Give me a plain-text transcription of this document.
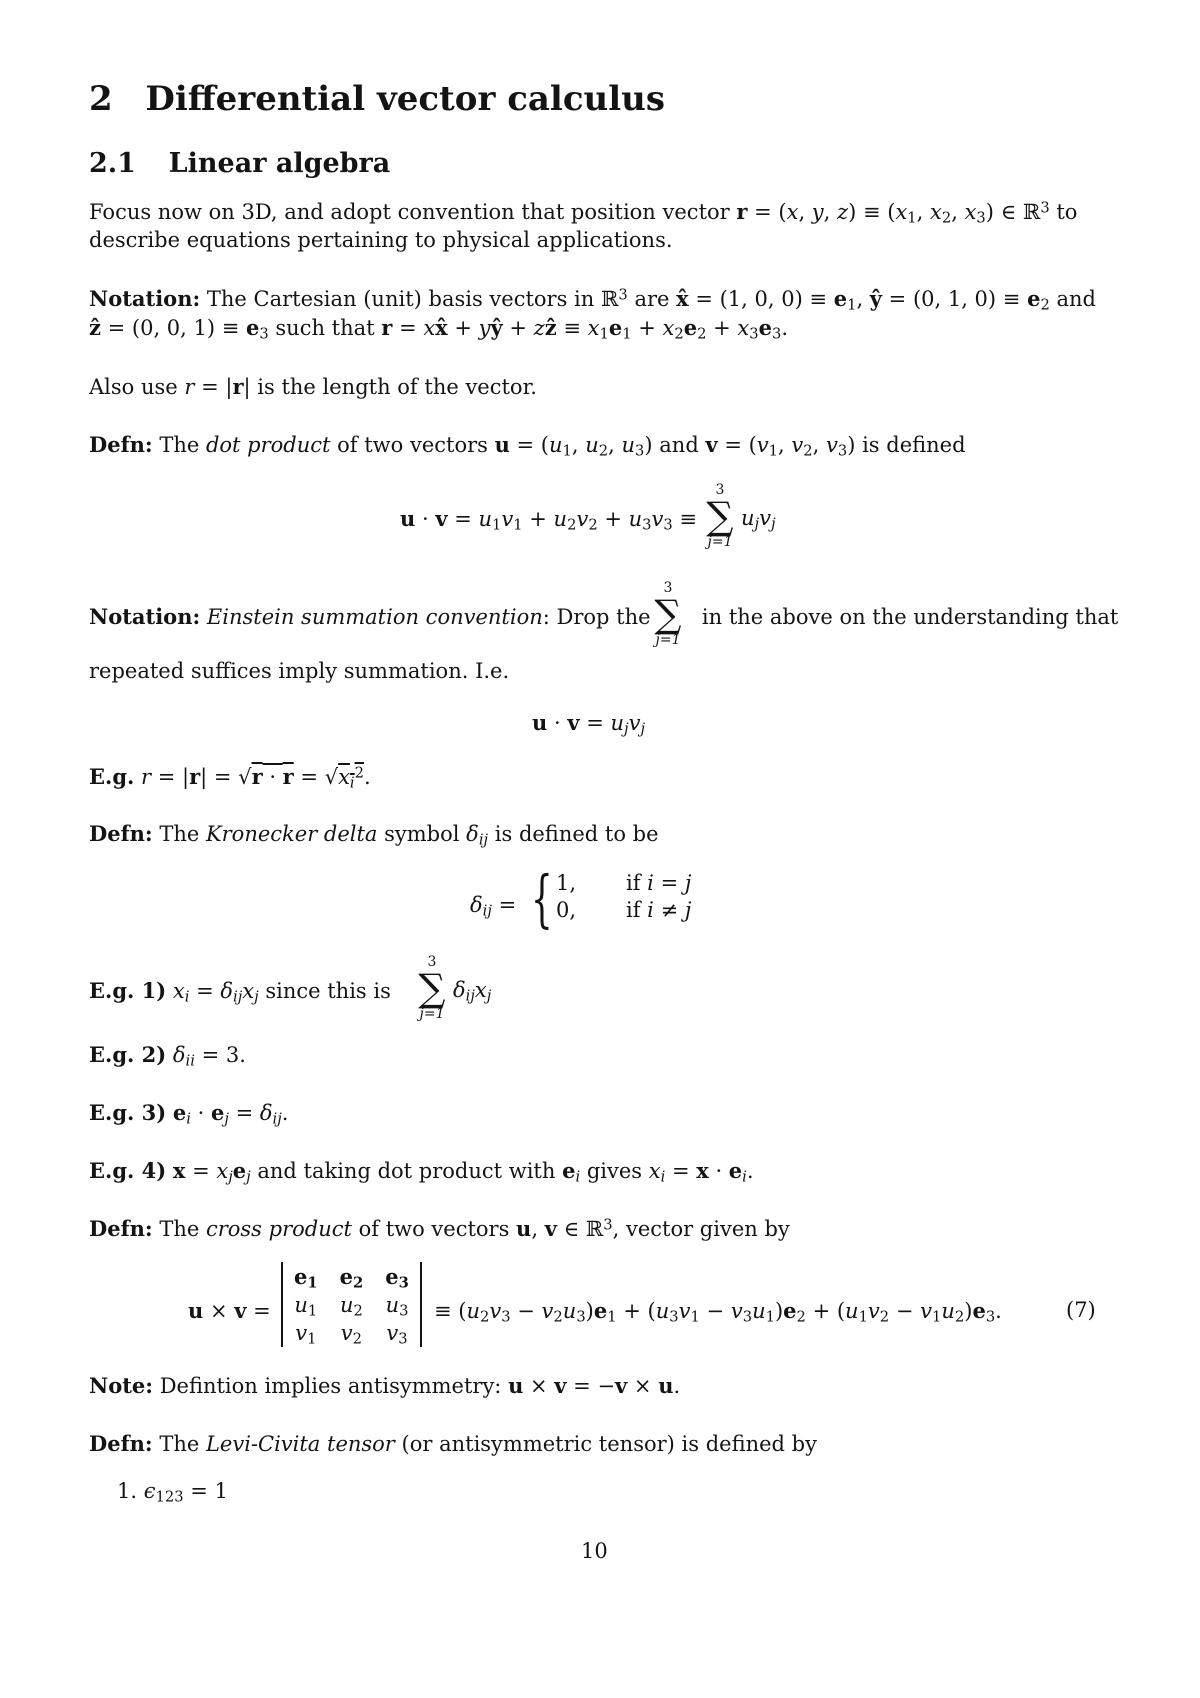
2 Differential vector calculus
2.1 Linear algebra
Focus now on 3D, and adopt convention that position vector r = (x, y, $z) \equiv (x_1$, $x_2$, $x_3$) ∈ ℝ$^3$ to
describe equations pertaining to physical applications.
Notation: The Cartesian (unit) basis vectors in ℝ$^3$ are x̂ = (1, 0, $0) \equiv e_1$, ŷ = (0, 1, $0) \equiv e_2$ and
ẑ = (0, 0, $1) \equiv e_3$ such that r = xx̂ + yŷ + zẑ ≡ $x_1e_1 + x_2e_2 + x_3e_3$.
Also use r = |r| is the length of the vector.
Defn: The dot product of two vectors $u = (u_1$, $u_2$, $u_3$) and $v = (v_1$, $v_2$, $v_3$) is defined
$u \cdot v = u_1v_1 + u_2v_2 + u_3v_3$ ≡
3
∑
j=1
$u_jv_j$
Notation: Einstein summation convention: Drop the  in the above on the understanding that
3
∑
j=1
repeated suffices imply summation. I.e.
$u \cdot v = u_jv_j$
E.g. $r = |r| = √r \cdot r = √x_i^2$.
Defn: The Kronecker delta symbol $\delta_{ij}$ is defined to be
$\delta_{ij}$ = { 1,	if i = j
0,	if i ≠ j
E.g. 1) $x_i = \delta_{ij}x_j$ since this is
3
∑
j=1
$\delta_{ij}x_j$
E.g. 2) $\delta_{ii} = 3$.
E.g. 3) $e_i \cdot e_j = \delta_{ij}$.
E.g. 4) $x = x_je_j$ and taking dot product with $e_i$ gives $x_i = x \cdot e_i$.
Defn: The cross product of two vectors u, v ∈ ℝ$^3$, vector given by
u × v =
$e_1$	$e_2$	$e_3$
$u_1$	$u_2$	$u_3$
$v_1$	$v_2$	$v_3$
≡ $(u_2v_3 - v_2u_3)e_1 + (u_3v_1 - v_3u_1)e_2 + (u_1v_2 - v_1u_2)e_3$.	(7)
Note: Defintion implies antisymmetry: u × v = −v × u.
Defn: The Levi-Civita tensor (or antisymmetric tensor) is defined by
1. $\epsilon_{123} = 1$
10
